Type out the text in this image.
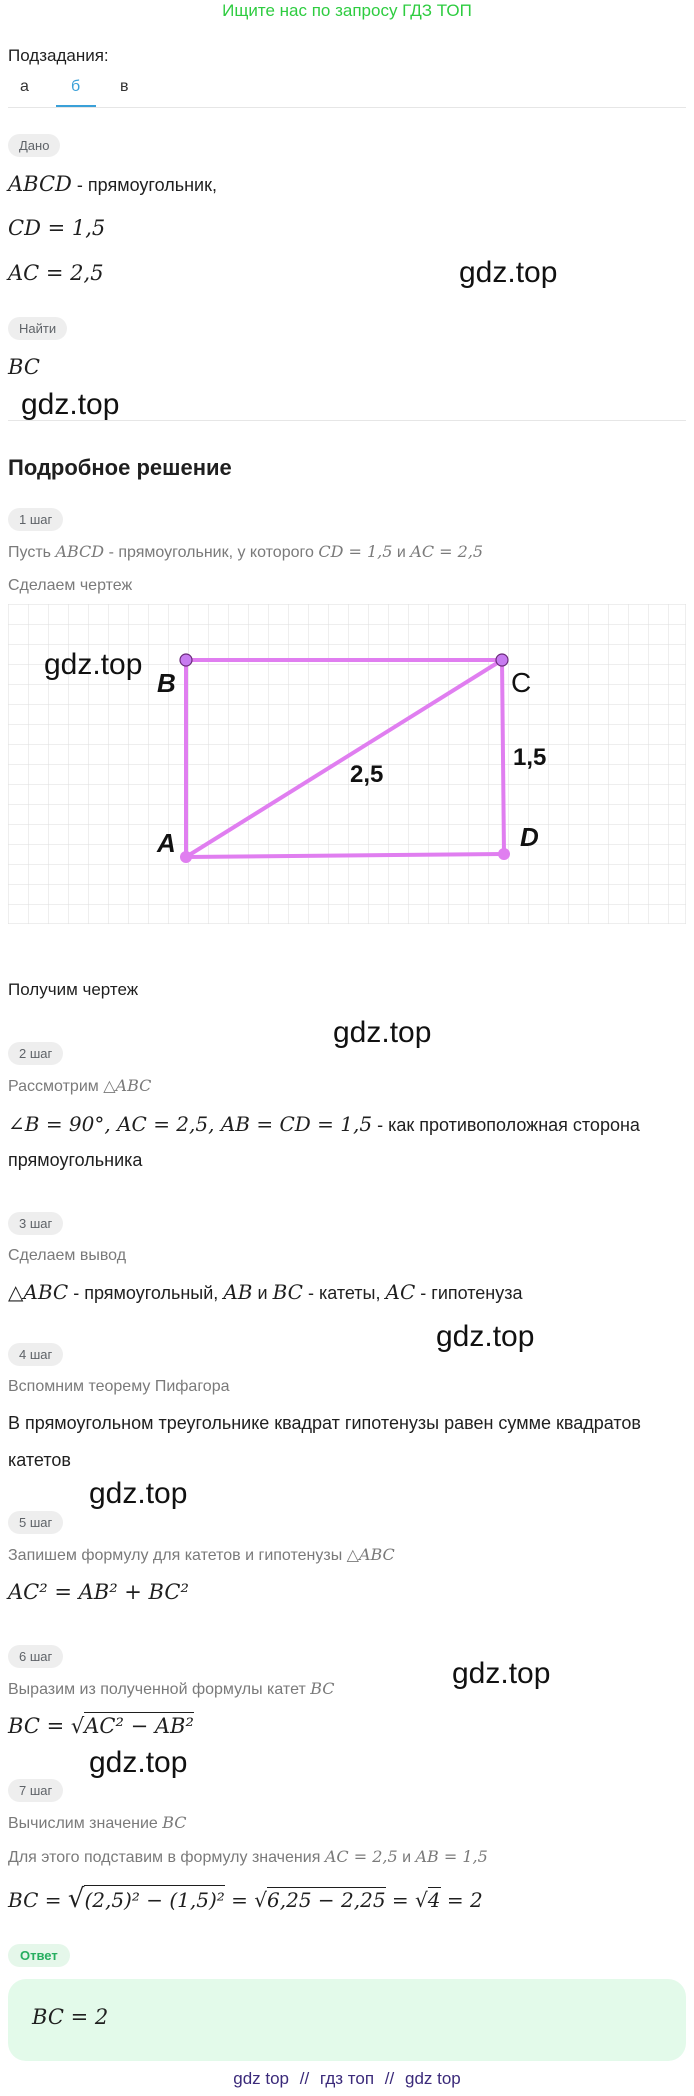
Ищите нас по запросу ГДЗ ТОП
Подзадания:
а	б в
Дано
ABCD - прямоугольник,
CD = 1,5
AC = 2,5
Найти
BC
Подробное решение
1 шаг
Пусть ABCD - прямоугольник, у которого CD = 1,5 и AC = 2,5
Сделаем чертеж
B	C
A	D
2,5
1,5
Получим чертеж
2 шаг
Рассмотрим △ABC
∠B = 90°, AC = 2,5, AB = CD = 1,5 - как противоположная сторона
прямоугольника
3 шаг
Сделаем вывод
△ABC - прямоугольный, AB и BC - катеты, AC - гипотенуза
4 шаг
Вспомним теорему Пифагора
В прямоугольном треугольнике квадрат гипотенузы равен сумме квадратов
катетов
5 шаг
Запишем формулу для катетов и гипотенузы △ABC
AC² = AB² + BC²
6 шаг
Выразим из полученной формулы катет BC
BC = √AC² − AB²
7 шаг
Вычислим значение BC
Для этого подставим в формулу значения AC = 2,5 и AB = 1,5
BC = √(2,5)² − (1,5)² = √6,25 − 2,25 = √4 = 2
Ответ
BC = 2
gdz top // гдз топ // gdz top
gdz.top
gdz.top
gdz.top
gdz.top
gdz.top
gdz.top
gdz.top
gdz.top
